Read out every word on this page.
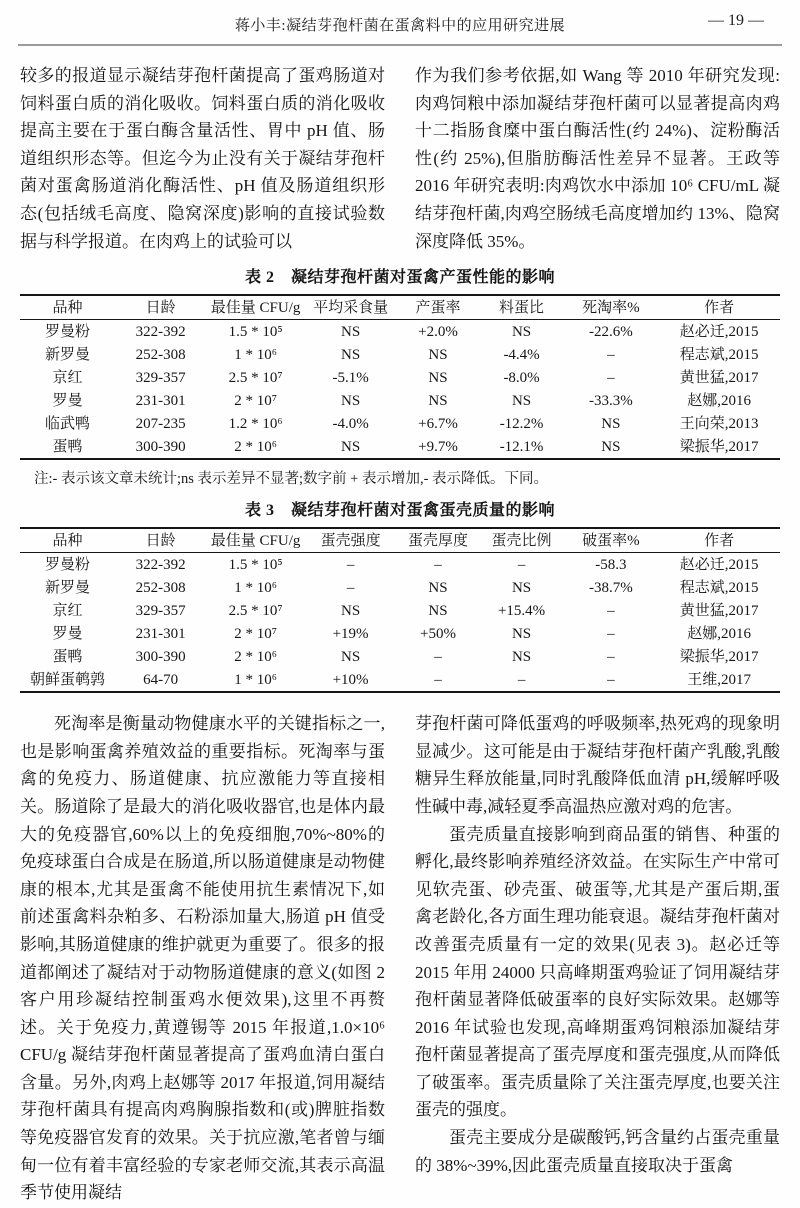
蒋小丰:凝结芽孢杆菌在蛋禽料中的应用研究进展	— 19 —

较多的报道显示凝结芽孢杆菌提高了蛋鸡肠道对饲料蛋白质的消化吸收。饲料蛋白质的消化吸收提高主要在于蛋白酶含量活性、胃中 pH 值、肠道组织形态等。但迄今为止没有关于凝结芽孢杆菌对蛋禽肠道消化酶活性、pH 值及肠道组织形态(包括绒毛高度、隐窝深度)影响的直接试验数据与科学报道。在肉鸡上的试验可以

作为我们参考依据,如 Wang 等 2010 年研究发现:肉鸡饲粮中添加凝结芽孢杆菌可以显著提高肉鸡十二指肠食糜中蛋白酶活性(约 24%)、淀粉酶活性(约 25%),但脂肪酶活性差异不显著。王政等 2016 年研究表明:肉鸡饮水中添加 10⁶ CFU/mL 凝结芽孢杆菌,肉鸡空肠绒毛高度增加约 13%、隐窝深度降低 35%。

表 2　凝结芽孢杆菌对蛋禽产蛋性能的影响
品种	日龄	最佳量 CFU/g	平均采食量	产蛋率	料蛋比	死淘率%	作者
罗曼粉	322-392	1.5 * 10⁵	NS	+2.0%	NS	-22.6%	赵必迁,2015
新罗曼	252-308	1 * 10⁶	NS	NS	-4.4%	–	程志斌,2015
京红	329-357	2.5 * 10⁷	-5.1%	NS	-8.0%	–	黄世猛,2017
罗曼	231-301	2 * 10⁷	NS	NS	NS	-33.3%	赵娜,2016
临武鸭	207-235	1.2 * 10⁶	-4.0%	+6.7%	-12.2%	NS	王向荣,2013
蛋鸭	300-390	2 * 10⁶	NS	+9.7%	-12.1%	NS	梁振华,2017
注:- 表示该文章未统计;ns 表示差异不显著;数字前 + 表示增加,- 表示降低。下同。
表 3　凝结芽孢杆菌对蛋禽蛋壳质量的影响
品种	日龄	最佳量 CFU/g	蛋壳强度	蛋壳厚度	蛋壳比例	破蛋率%	作者
罗曼粉	322-392	1.5 * 10⁵	–	–	–	-58.3	赵必迁,2015
新罗曼	252-308	1 * 10⁶	–	NS	NS	-38.7%	程志斌,2015
京红	329-357	2.5 * 10⁷	NS	NS	+15.4%	–	黄世猛,2017
罗曼	231-301	2 * 10⁷	+19%	+50%	NS	–	赵娜,2016
蛋鸭	300-390	2 * 10⁶	NS	–	NS	–	梁振华,2017
朝鲜蛋鹌鹑	64-70	1 * 10⁶	+10%	–	–	–	王维,2017

死淘率是衡量动物健康水平的关键指标之一,也是影响蛋禽养殖效益的重要指标。死淘率与蛋禽的免疫力、肠道健康、抗应激能力等直接相关。肠道除了是最大的消化吸收器官,也是体内最大的免疫器官,60%以上的免疫细胞,70%~80%的免疫球蛋白合成是在肠道,所以肠道健康是动物健康的根本,尤其是蛋禽不能使用抗生素情况下,如前述蛋禽料杂粕多、石粉添加量大,肠道 pH 值受影响,其肠道健康的维护就更为重要了。很多的报道都阐述了凝结对于动物肠道健康的意义(如图 2 客户用珍凝结控制蛋鸡水便效果),这里不再赘述。关于免疫力,黄遵锡等 2015 年报道,1.0×10⁶ CFU/g 凝结芽孢杆菌显著提高了蛋鸡血清白蛋白含量。另外,肉鸡上赵娜等 2017 年报道,饲用凝结芽孢杆菌具有提高肉鸡胸腺指数和(或)脾脏指数等免疫器官发育的效果。关于抗应激,笔者曾与缅甸一位有着丰富经验的专家老师交流,其表示高温季节使用凝结

芽孢杆菌可降低蛋鸡的呼吸频率,热死鸡的现象明显减少。这可能是由于凝结芽孢杆菌产乳酸,乳酸糖异生释放能量,同时乳酸降低血清 pH,缓解呼吸性碱中毒,减轻夏季高温热应激对鸡的危害。

蛋壳质量直接影响到商品蛋的销售、种蛋的孵化,最终影响养殖经济效益。在实际生产中常可见软壳蛋、砂壳蛋、破蛋等,尤其是产蛋后期,蛋禽老龄化,各方面生理功能衰退。凝结芽孢杆菌对改善蛋壳质量有一定的效果(见表 3)。赵必迁等 2015 年用 24000 只高峰期蛋鸡验证了饲用凝结芽孢杆菌显著降低破蛋率的良好实际效果。赵娜等 2016 年试验也发现,高峰期蛋鸡饲粮添加凝结芽孢杆菌显著提高了蛋壳厚度和蛋壳强度,从而降低了破蛋率。蛋壳质量除了关注蛋壳厚度,也要关注蛋壳的强度。

蛋壳主要成分是碳酸钙,钙含量约占蛋壳重量的 38%~39%,因此蛋壳质量直接取决于蛋禽
